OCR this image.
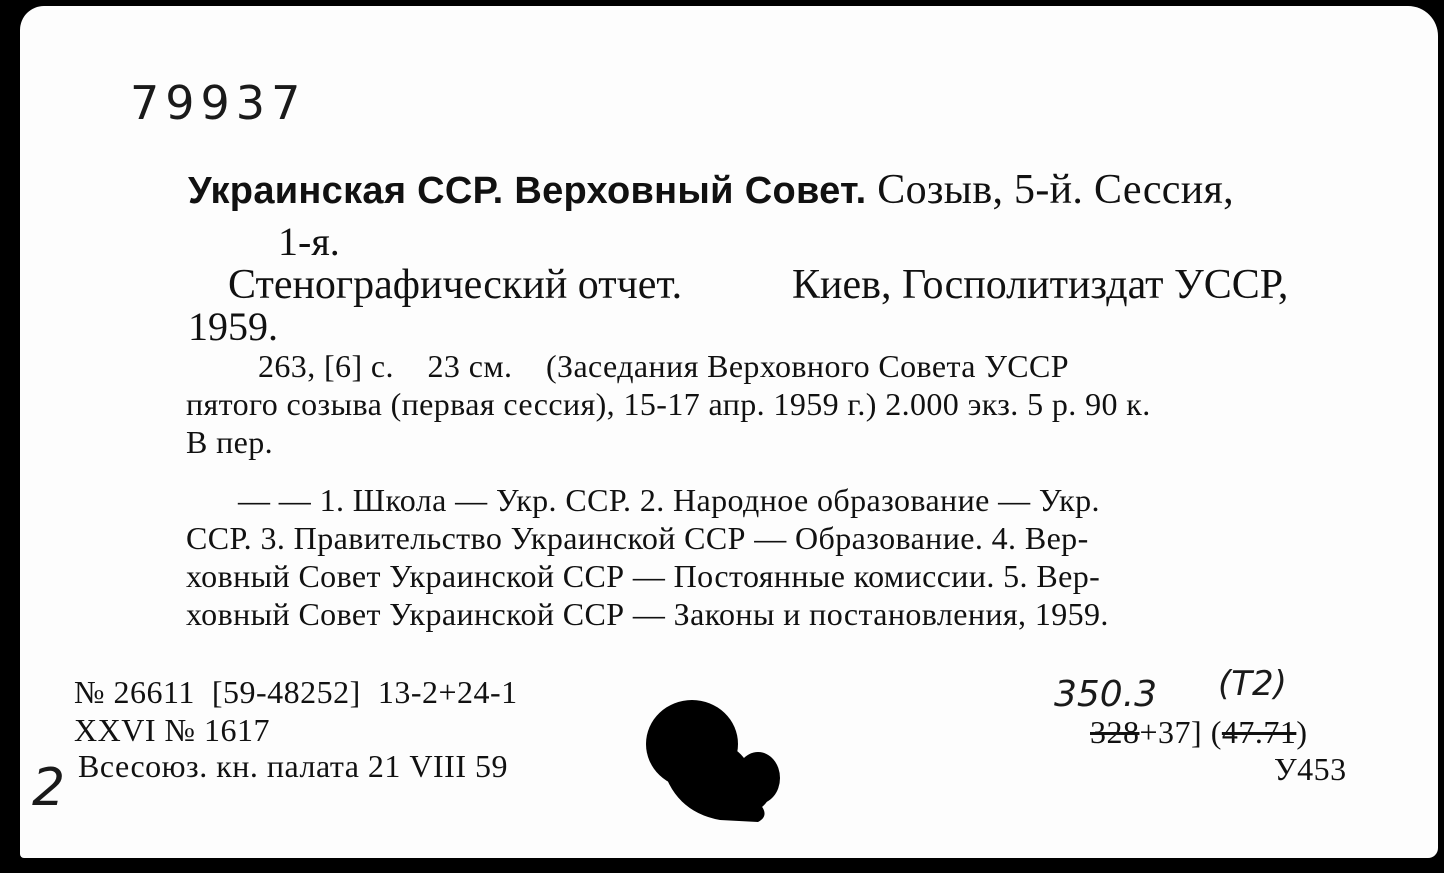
79937
Украинская ССР. Верховный Совет. Созыв, 5-й. Сессия,
1-я.
Стенографический отчет.	Киев, Госполитиздат УССР,
1959.
263, [6] с.    23 см.    (Заседания Верховного Совета УССР
пятого созыва (первая сессия), 15-17 апр. 1959 г.) 2.000 экз. 5 р. 90 к.
В пер.
— — 1. Школа — Укр. ССР. 2. Народное образование — Укр.
ССР. 3. Правительство Украинской ССР — Образование. 4. Вер-
ховный Совет Украинской ССР — Постоянные комиссии. 5. Вер-
ховный Совет Украинской ССР — Законы и постановления, 1959.
№ 26611  [59-48252]  13-2+24-1
XXVI № 1617
Всесоюз. кн. палата 21 VIII 59
350.3 (Т2)
328+37] (47.71)
У453
2
